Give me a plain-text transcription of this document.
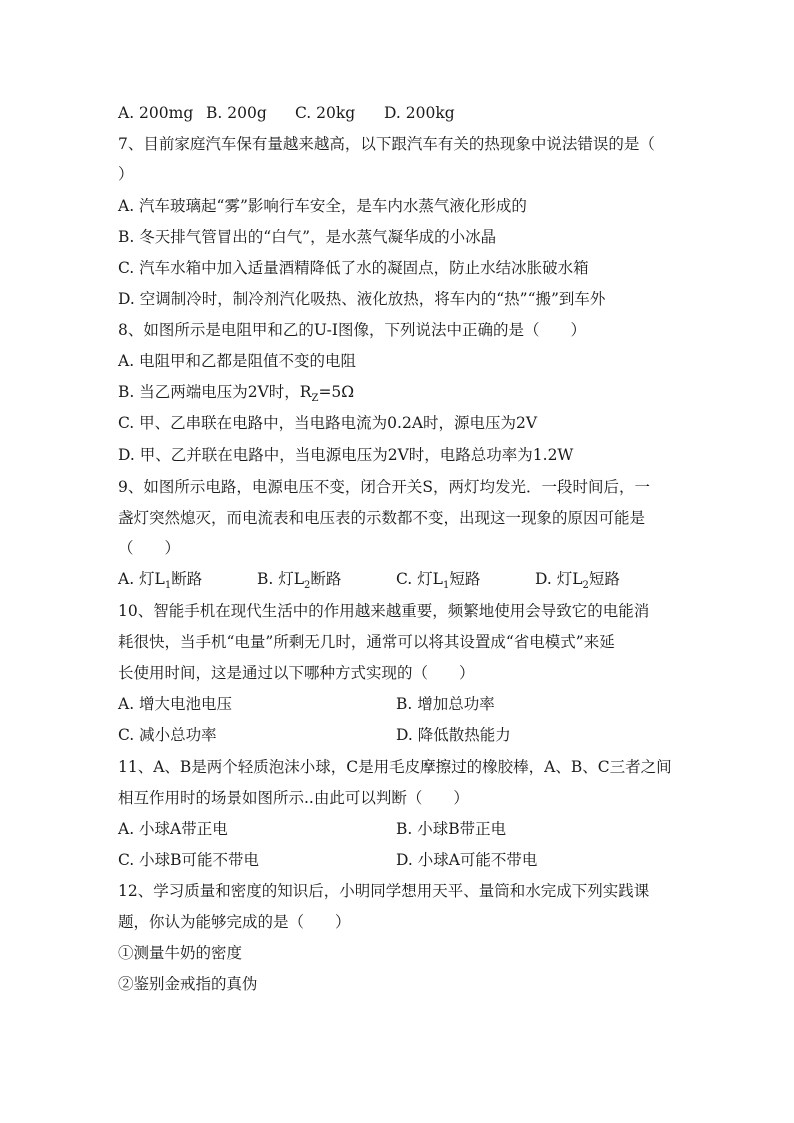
A. 200mg B. 200g C. 20kg D. 200kg
7、目前家庭汽车保有量越来越高，以下跟汽车有关的热现象中说法错误的是（
）
A. 汽车玻璃起“雾”影响行车安全，是车内水蒸气液化形成的
B. 冬天排气管冒出的“白气”，是水蒸气凝华成的小冰晶
C. 汽车水箱中加入适量酒精降低了水的凝固点，防止水结冰胀破水箱
D. 空调制冷时，制冷剂汽化吸热、液化放热，将车内的“热”“搬”到车外
8、如图所示是电阻甲和乙的U-I图像，下列说法中正确的是（　　）
A. 电阻甲和乙都是阻值不变的电阻
B. 当乙两端电压为2V时，$R_Z=5\Omega$
C. 甲、乙串联在电路中，当电路电流为0.2A时，源电压为2V
D. 甲、乙并联在电路中，当电源电压为2V时，电路总功率为1.2W
9、如图所示电路，电源电压不变，闭合开关S，两灯均发光．一段时间后，一
盏灯突然熄灭，而电流表和电压表的示数都不变，出现这一现象的原因可能是
（　　）
A. 灯$L_1$断路	B. 灯$L_2$断路	C. 灯$L_1$短路	D. 灯$L_2$短路
10、智能手机在现代生活中的作用越来越重要，频繁地使用会导致它的电能消
耗很快，当手机“电量”所剩无几时，通常可以将其设置成“省电模式”来延
长使用时间，这是通过以下哪种方式实现的（　　）
A. 增大电池电压	B. 增加总功率
C. 减小总功率	D. 降低散热能力
11、A、B是两个轻质泡沫小球，C是用毛皮摩擦过的橡胶棒，A、B、C三者之间
相互作用时的场景如图所示..由此可以判断（　　）
A. 小球A带正电	B. 小球B带正电
C. 小球B可能不带电	D. 小球A可能不带电
12、学习质量和密度的知识后，小明同学想用天平、量筒和水完成下列实践课
题，你认为能够完成的是（　　）
①测量牛奶的密度
②鉴别金戒指的真伪
